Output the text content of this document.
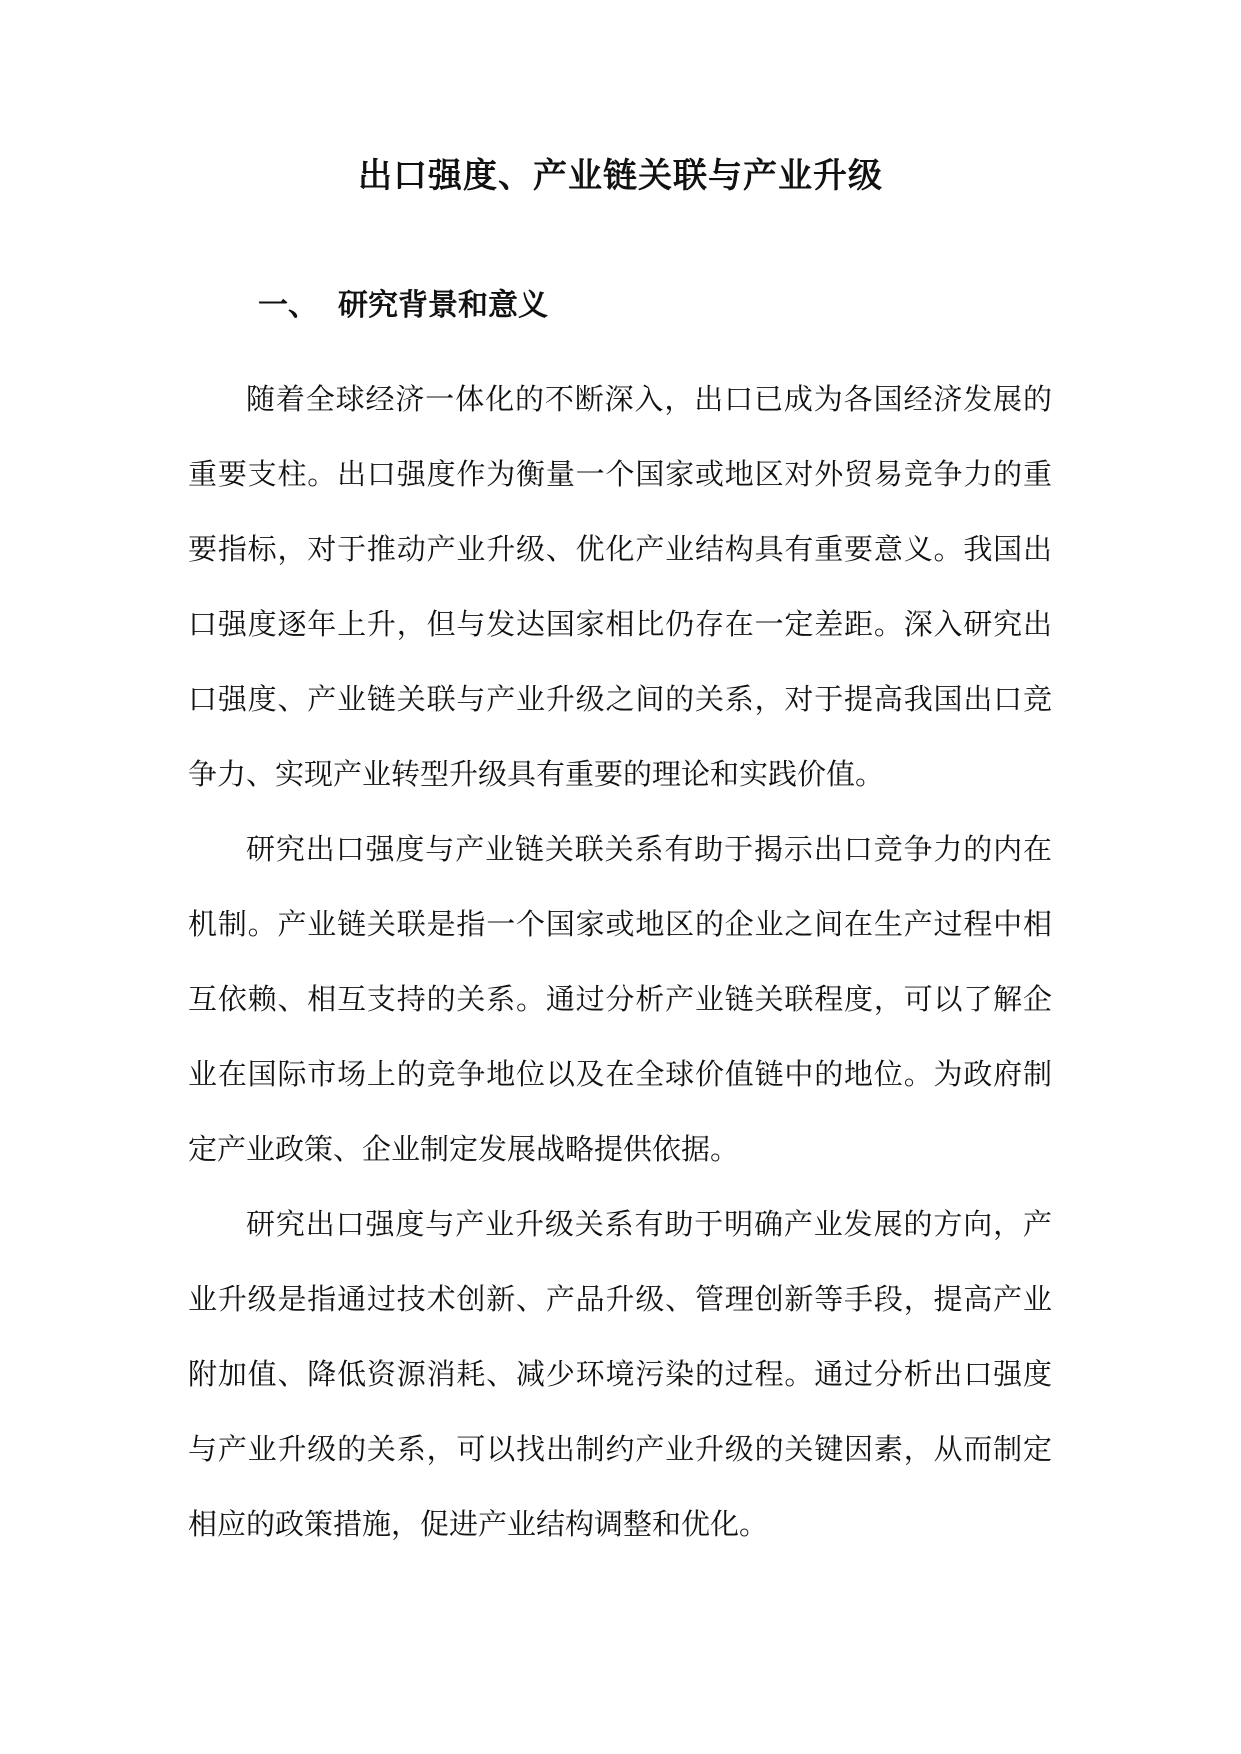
出口强度、产业链关联与产业升级
一、 研究背景和意义

随着全球经济一体化的不断深入，出口已成为各国经济发展的重要支柱。出口强度作为衡量一个国家或地区对外贸易竞争力的重要指标，对于推动产业升级、优化产业结构具有重要意义。我国出口强度逐年上升，但与发达国家相比仍存在一定差距。深入研究出口强度、产业链关联与产业升级之间的关系，对于提高我国出口竞争力、实现产业转型升级具有重要的理论和实践价值。

研究出口强度与产业链关联关系有助于揭示出口竞争力的内在机制。产业链关联是指一个国家或地区的企业之间在生产过程中相互依赖、相互支持的关系。通过分析产业链关联程度，可以了解企业在国际市场上的竞争地位以及在全球价值链中的地位。为政府制定产业政策、企业制定发展战略提供依据。

研究出口强度与产业升级关系有助于明确产业发展的方向，产业升级是指通过技术创新、产品升级、管理创新等手段，提高产业附加值、降低资源消耗、减少环境污染的过程。通过分析出口强度与产业升级的关系，可以找出制约产业升级的关键因素，从而制定相应的政策措施，促进产业结构调整和优化。
